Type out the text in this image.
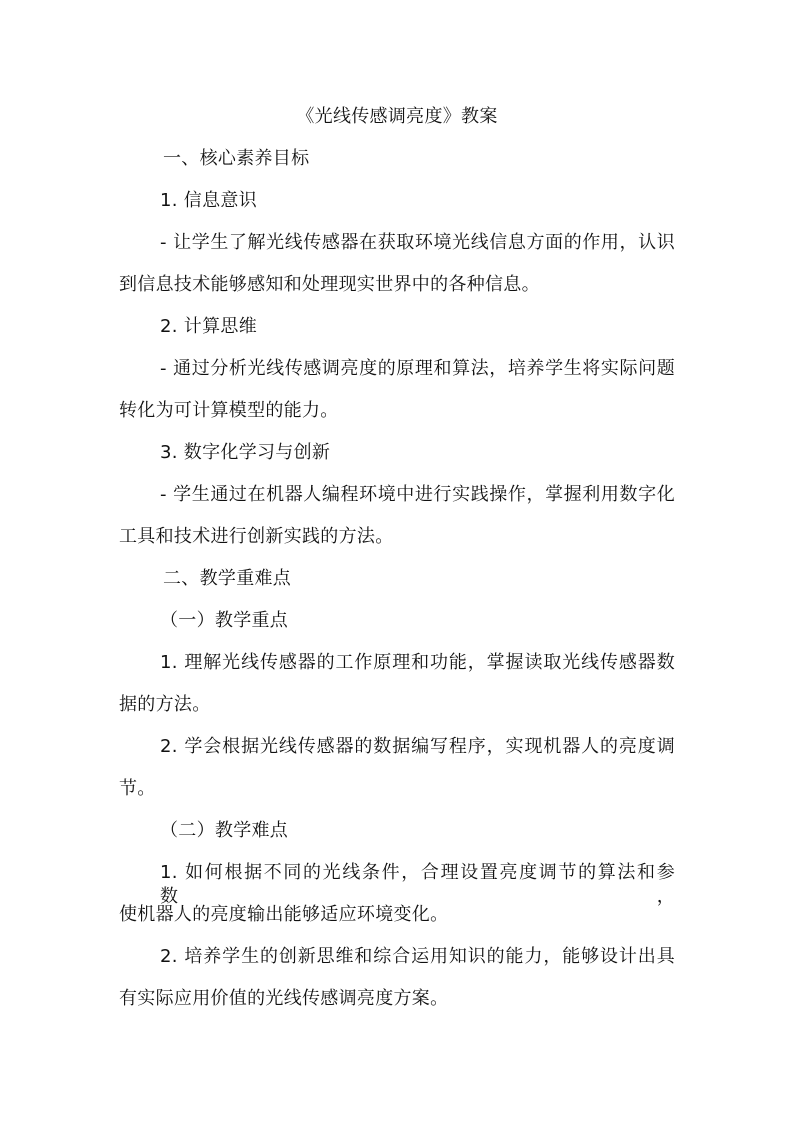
《光线传感调亮度》教案
一、核心素养目标
1. 信息意识
- 让学生了解光线传感器在获取环境光线信息方面的作用，认识
到信息技术能够感知和处理现实世界中的各种信息。
2. 计算思维
- 通过分析光线传感调亮度的原理和算法，培养学生将实际问题
转化为可计算模型的能力。
3. 数字化学习与创新
- 学生通过在机器人编程环境中进行实践操作，掌握利用数字化
工具和技术进行创新实践的方法。
二、教学重难点
（一）教学重点
1. 理解光线传感器的工作原理和功能，掌握读取光线传感器数
据的方法。
2. 学会根据光线传感器的数据编写程序，实现机器人的亮度调
节。
（二）教学难点
1. 如何根据不同的光线条件，合理设置亮度调节的算法和参数，
使机器人的亮度输出能够适应环境变化。
2. 培养学生的创新思维和综合运用知识的能力，能够设计出具
有实际应用价值的光线传感调亮度方案。
